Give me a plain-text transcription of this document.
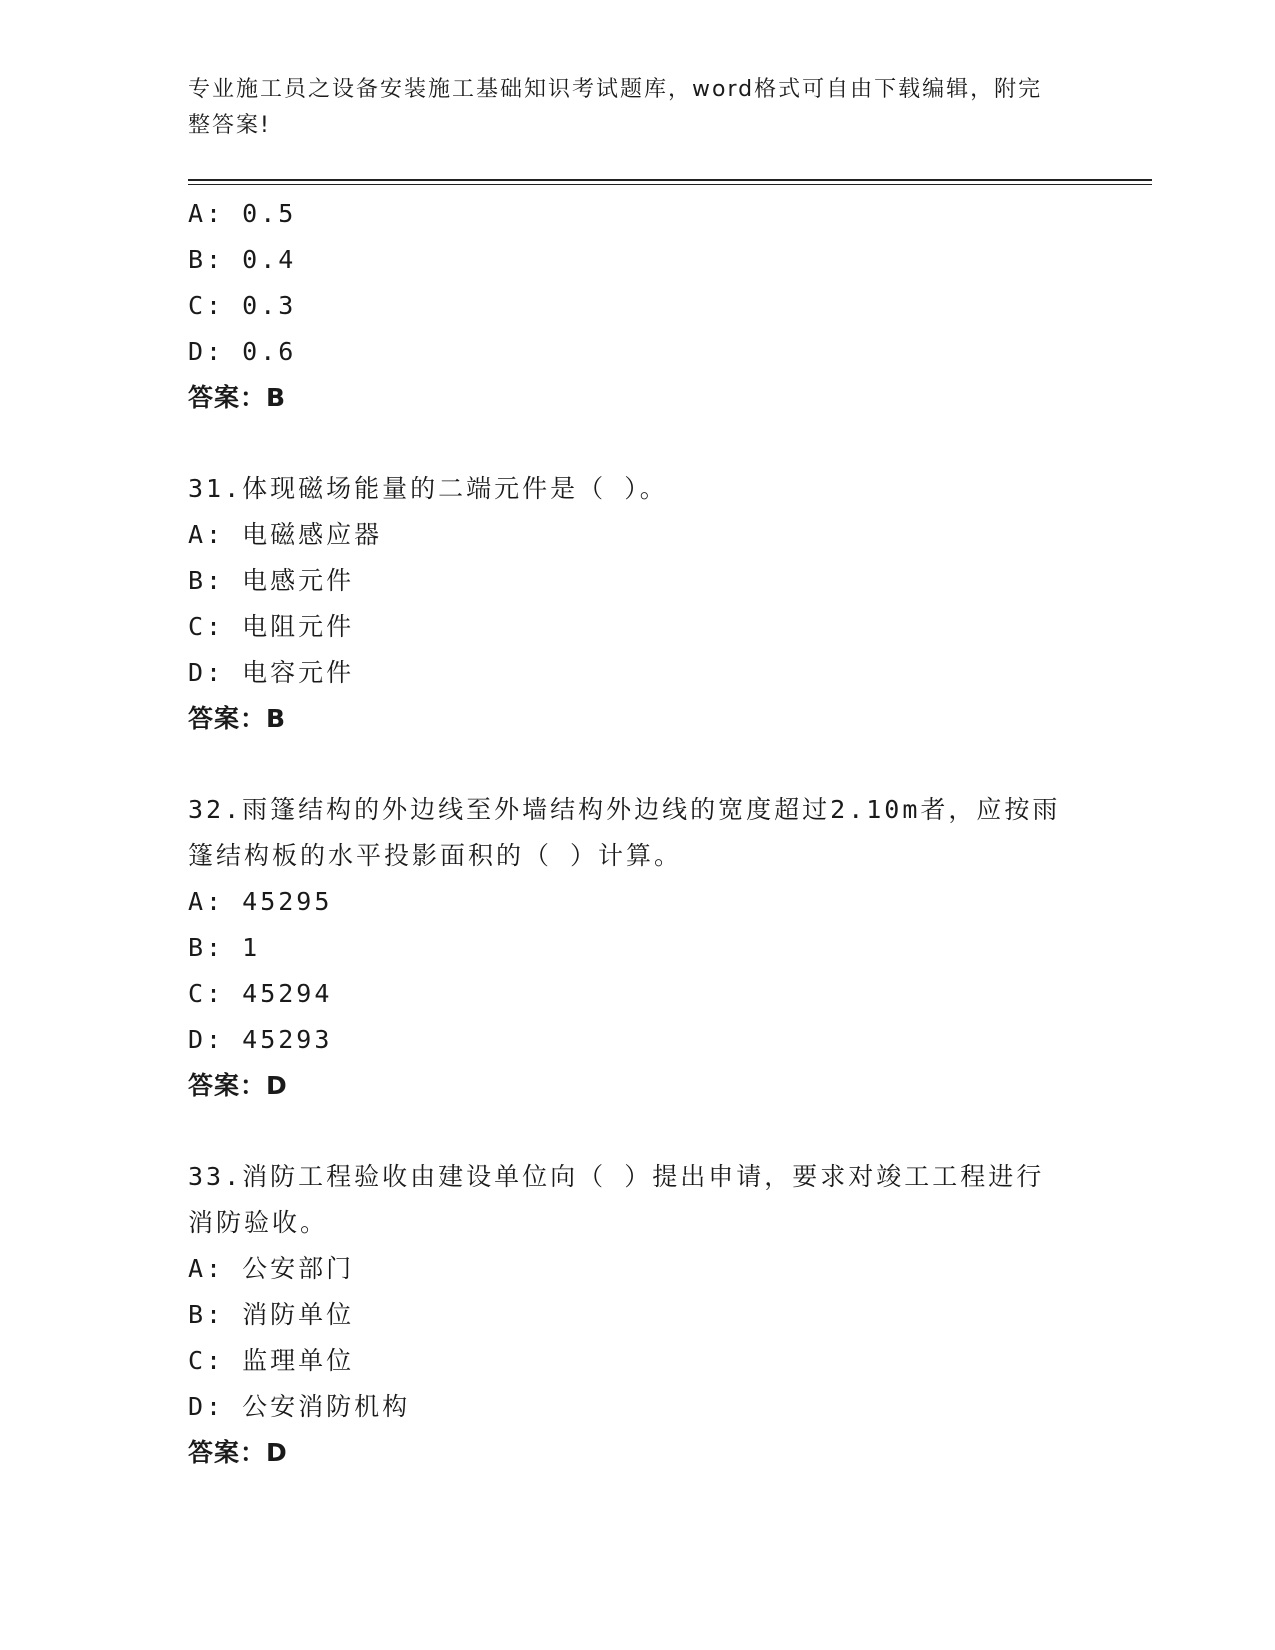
专业施工员之设备安装施工基础知识考试题库，word格式可自由下载编辑，附完
整答案!
A: 0.5
B: 0.4
C: 0.3
D: 0.6
答案：B
31.体现磁场能量的二端元件是（ ）。
A: 电磁感应器
B: 电感元件
C: 电阻元件
D: 电容元件
答案：B
32.雨篷结构的外边线至外墙结构外边线的宽度超过2.10m者，应按雨
篷结构板的水平投影面积的（ ）计算。
A: 45295
B: 1
C: 45294
D: 45293
答案：D
33.消防工程验收由建设单位向（ ）提出申请，要求对竣工工程进行
消防验收。
A: 公安部门
B: 消防单位
C: 监理单位
D: 公安消防机构
答案：D
